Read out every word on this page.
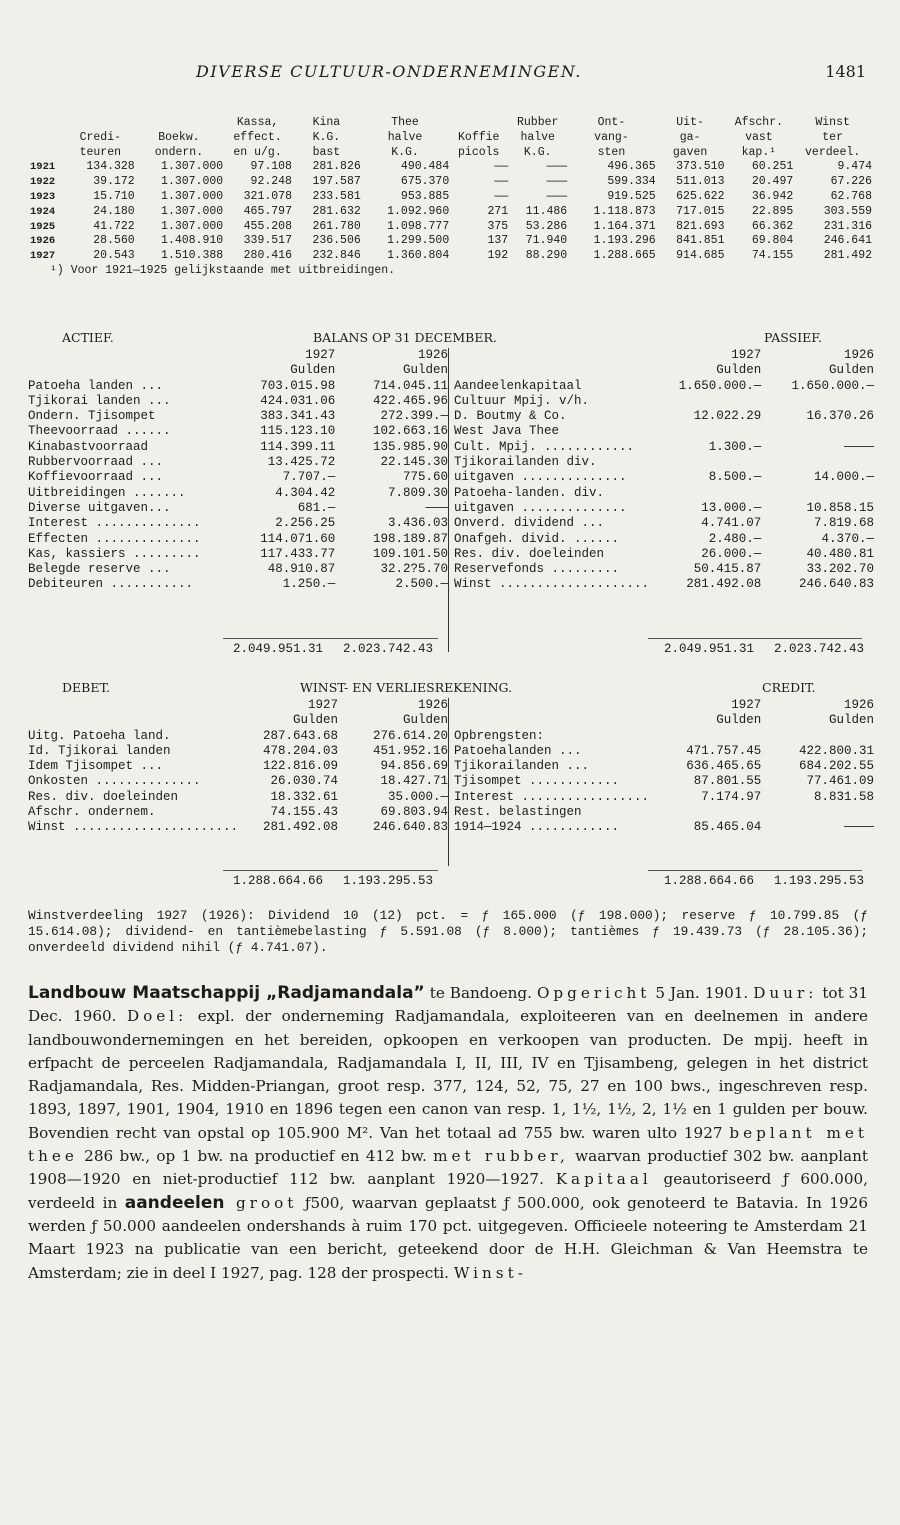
DIVERSE CULTUUR-ONDERNEMINGEN.	1481
			Kassa,	Kina	Thee		Rubber	Ont-	Uit-	Afschr.	Winst
	Credi-	Boekw.	effect.	K.G.	halve	Koffie	halve	vang-	ga-	vast	ter
	teuren	ondern.	en u/g.	bast	K.G.	picols	K.G.	sten	gaven	kap.¹	verdeel.
1921	134.328	1.307.000	97.108	281.826	490.484	——	———	496.365	373.510	60.251	9.474
1922	39.172	1.307.000	92.248	197.587	675.370	——	———	599.334	511.013	20.497	67.226
1923	15.710	1.307.000	321.078	233.581	953.885	——	———	919.525	625.622	36.942	62.768
1924	24.180	1.307.000	465.797	281.632	1.092.960	271	11.486	1.118.873	717.015	22.895	303.559
1925	41.722	1.307.000	455.208	261.780	1.098.777	375	53.286	1.164.371	821.693	66.362	231.316
1926	28.560	1.408.910	339.517	236.506	1.299.500	137	71.940	1.193.296	841.851	69.804	246.641
1927	20.543	1.510.388	280.416	232.846	1.360.804	192	88.290	1.288.665	914.685	74.155	281.492
¹) Voor 1921—1925 gelijkstaande met uitbreidingen.											
ACTIEF.	BALANS OP 31 DECEMBER.	PASSIEF.
	1927	1926
	Gulden	Gulden
Patoeha landen ...	703.015.98	714.045.11
Tjikorai landen ...	424.031.06	422.465.96
Ondern. Tjisompet	383.341.43	272.399.—
Theevoorraad ......	115.123.10	102.663.16
Kinabastvoorraad	114.399.11	135.985.90
Rubbervoorraad ...	13.425.72	22.145.30
Koffievoorraad ...	7.707.—	775.60
Uitbreidingen .......	4.304.42	7.809.30
Diverse uitgaven...	681.—	———
Interest ..............	2.256.25	3.436.03
Effecten ..............	114.071.60	198.189.87
Kas, kassiers .........	117.433.77	109.101.50
Belegde reserve ...	48.910.87	32.2?5.70
Debiteuren ...........	1.250.—	2.500.—
	1927	1926
	Gulden	Gulden
Aandeelenkapitaal	1.650.000.—	1.650.000.—
Cultuur Mpij. v/h.		
D. Boutmy & Co.	12.022.29	16.370.26
West Java Thee		
Cult. Mpij. ............	1.300.—	————
Tjikorailanden div.		
uitgaven ..............	8.500.—	14.000.—
Patoeha-landen. div.		
uitgaven ..............	13.000.—	10.858.15
Onverd. dividend ...	4.741.07	7.819.68
Onafgeh. divid. ......	2.480.—	4.370.—
Res. div. doeleinden	26.000.—	40.480.81
Reservefonds .........	50.415.87	33.202.70
Winst ....................	281.492.08	246.640.83
2.049.951.31	2.023.742.43	2.049.951.31	2.023.742.43
DEBET.	WINST- EN VERLIESREKENING.	CREDIT.
	1927	1926
	Gulden	Gulden
Uitg. Patoeha land.	287.643.68	276.614.20
Id. Tjikorai landen	478.204.03	451.952.16
Idem Tjisompet ...	122.816.09	94.856.69
Onkosten ..............	26.030.74	18.427.71
Res. div. doeleinden	18.332.61	35.000.—
Afschr. ondernem.	74.155.43	69.803.94
Winst ......................	281.492.08	246.640.83
	1927	1926
	Gulden	Gulden
Opbrengsten:		
Patoehalanden ...	471.757.45	422.800.31
Tjikorailanden ...	636.465.65	684.202.55
Tjisompet ............	87.801.55	77.461.09
Interest .................	7.174.97	8.831.58
Rest. belastingen		
1914—1924 ............	85.465.04	————
1.288.664.66	1.193.295.53	1.288.664.66	1.193.295.53
Winstverdeeling 1927 (1926): Dividend 10 (12) pct. = ƒ 165.000 (ƒ 198.000); reserve ƒ 10.799.85 (ƒ 15.614.08); dividend- en tantièmebelasting ƒ 5.591.08 (ƒ 8.000); tantièmes ƒ 19.439.73 (ƒ 28.105.36); onverdeeld dividend nihil (ƒ 4.741.07).
Landbouw Maatschappij „Radjamandala” te Bandoeng. Opgericht 5 Jan. 1901. Duur: tot 31 Dec. 1960. Doel: expl. der onderneming Radjamandala, exploiteeren van en deelnemen in andere landbouwondernemingen en het bereiden, opkoopen en verkoopen van producten. De mpij. heeft in erfpacht de perceelen Radjamandala, Radjamandala I, II, III, IV en Tjisambeng, gelegen in het district Radjamandala, Res. Midden-Priangan, groot resp. 377, 124, 52, 75, 27 en 100 bws., ingeschreven resp. 1893, 1897, 1901, 1904, 1910 en 1896 tegen een canon van resp. 1, 1½, 1½, 2, 1½ en 1 gulden per bouw. Bovendien recht van opstal op 105.900 M². Van het totaal ad 755 bw. waren ulto 1927 beplant met thee 286 bw., op 1 bw. na productief en 412 bw. met rubber, waarvan productief 302 bw. aanplant 1908—1920 en niet-productief 112 bw. aanplant 1920—1927. Kapitaal geautoriseerd ƒ 600.000, verdeeld in aandeelen groot ƒ500, waarvan geplaatst ƒ 500.000, ook genoteerd te Batavia. In 1926 werden ƒ 50.000 aandeelen ondershands à ruim 170 pct. uitgegeven. Officieele noteering te Amsterdam 21 Maart 1923 na publicatie van een bericht, geteekend door de H.H. Gleichman & Van Heemstra te Amsterdam; zie in deel I 1927, pag. 128 der prospecti. Winst-
